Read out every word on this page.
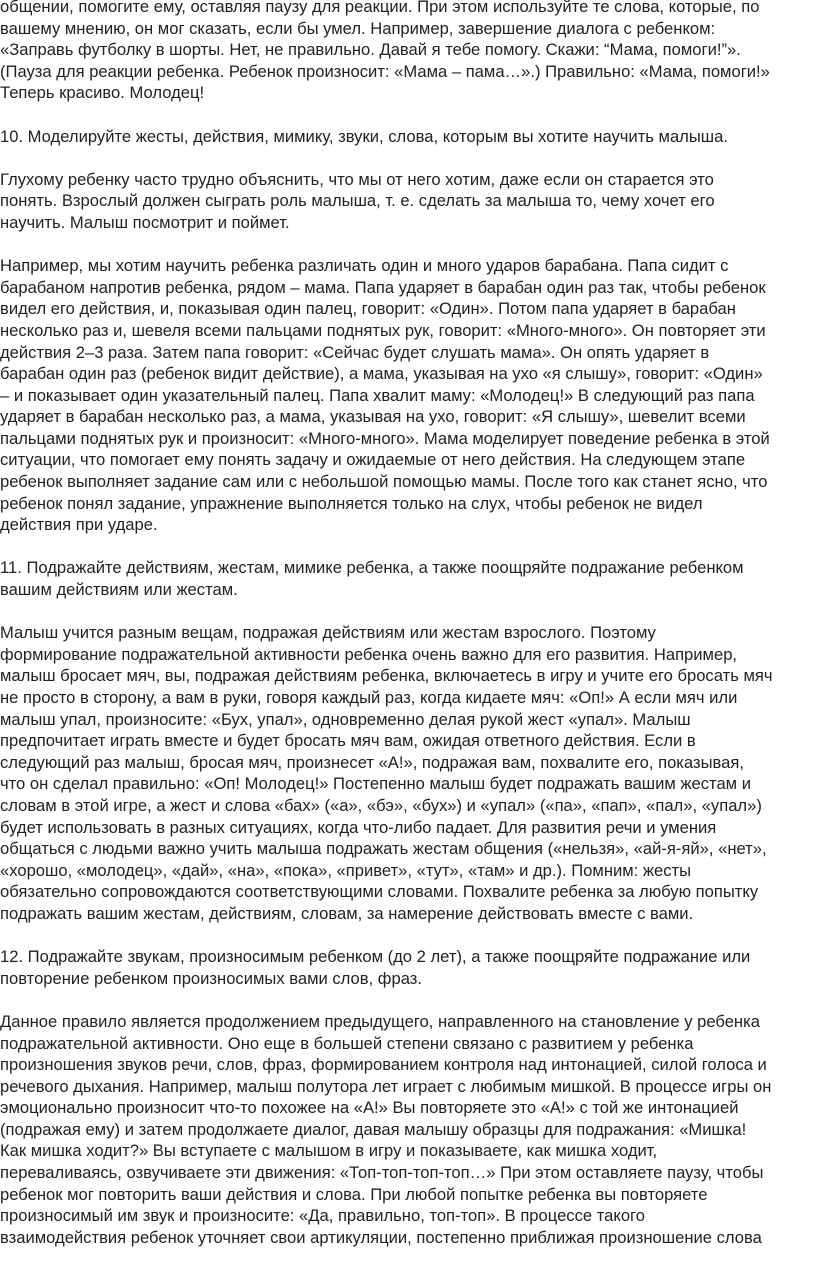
общении, помогите ему, оставляя паузу для реакции. При этом используйте те слова, которые, по
вашему мнению, он мог сказать, если бы умел. Например, завершение диалога с ребенком:
«Заправь футболку в шорты. Нет, не правильно. Давай я тебе помогу. Скажи: “Мама, помоги!”».
(Пауза для реакции ребенка. Ребенок произносит: «Мама – пама…».) Правильно: «Мама, помоги!»
Теперь красиво. Молодец!
10. Моделируйте жесты, действия, мимику, звуки, слова, которым вы хотите научить малыша.
Глухому ребенку часто трудно объяснить, что мы от него хотим, даже если он старается это
понять. Взрослый должен сыграть роль малыша, т. е. сделать за малыша то, чему хочет его
научить. Малыш посмотрит и поймет.
Например, мы хотим научить ребенка различать один и много ударов барабана. Папа сидит с
барабаном напротив ребенка, рядом – мама. Папа ударяет в барабан один раз так, чтобы ребенок
видел его действия, и, показывая один палец, говорит: «Один». Потом папа ударяет в барабан
несколько раз и, шевеля всеми пальцами поднятых рук, говорит: «Много-много». Он повторяет эти
действия 2–3 раза. Затем папа говорит: «Сейчас будет слушать мама». Он опять ударяет в
барабан один раз (ребенок видит действие), а мама, указывая на ухо «я слышу», говорит: «Один»
– и показывает один указательный палец. Папа хвалит маму: «Молодец!» В следующий раз папа
ударяет в барабан несколько раз, а мама, указывая на ухо, говорит: «Я слышу», шевелит всеми
пальцами поднятых рук и произносит: «Много-много». Мама моделирует поведение ребенка в этой
ситуации, что помогает ему понять задачу и ожидаемые от него действия. На следующем этапе
ребенок выполняет задание сам или с небольшой помощью мамы. После того как станет ясно, что
ребенок понял задание, упражнение выполняется только на слух, чтобы ребенок не видел
действия при ударе.
11. Подражайте действиям, жестам, мимике ребенка, а также поощряйте подражание ребенком
вашим действиям или жестам.
Малыш учится разным вещам, подражая действиям или жестам взрослого. Поэтому
формирование подражательной активности ребенка очень важно для его развития. Например,
малыш бросает мяч, вы, подражая действиям ребенка, включаетесь в игру и учите его бросать мяч
не просто в сторону, а вам в руки, говоря каждый раз, когда кидаете мяч: «Оп!» А если мяч или
малыш упал, произносите: «Бух, упал», одновременно делая рукой жест «упал». Малыш
предпочитает играть вместе и будет бросать мяч вам, ожидая ответного действия. Если в
следующий раз малыш, бросая мяч, произнесет «А!», подражая вам, похвалите его, показывая,
что он сделал правильно: «Оп! Молодец!» Постепенно малыш будет подражать вашим жестам и
словам в этой игре, а жест и слова «бах» («а», «бэ», «бух») и «упал» («па», «пап», «пал», «упал»)
будет использовать в разных ситуациях, когда что-либо падает. Для развития речи и умения
общаться с людьми важно учить малыша подражать жестам общения («нельзя», «ай-я-яй», «нет»,
«хорошо, «молодец», «дай», «на», «пока», «привет», «тут», «там» и др.). Помним: жесты
обязательно сопровождаются соответствующими словами. Похвалите ребенка за любую попытку
подражать вашим жестам, действиям, словам, за намерение действовать вместе с вами.
12. Подражайте звукам, произносимым ребенком (до 2 лет), а также поощряйте подражание или
повторение ребенком произносимых вами слов, фраз.
Данное правило является продолжением предыдущего, направленного на становление у ребенка
подражательной активности. Оно еще в большей степени связано с развитием у ребенка
произношения звуков речи, слов, фраз, формированием контроля над интонацией, силой голоса и
речевого дыхания. Например, малыш полутора лет играет с любимым мишкой. В процессе игры он
эмоционально произносит что-то похожее на «А!» Вы повторяете это «А!» с той же интонацией
(подражая ему) и затем продолжаете диалог, давая малышу образцы для подражания: «Мишка!
Как мишка ходит?» Вы вступаете с малышом в игру и показываете, как мишка ходит,
переваливаясь, озвучиваете эти движения: «Топ-топ-топ-топ…» При этом оставляете паузу, чтобы
ребенок мог повторить ваши действия и слова. При любой попытке ребенка вы повторяете
произносимый им звук и произносите: «Да, правильно, топ-топ». В процессе такого
взаимодействия ребенок уточняет свои артикуляции, постепенно приближая произношение слова
